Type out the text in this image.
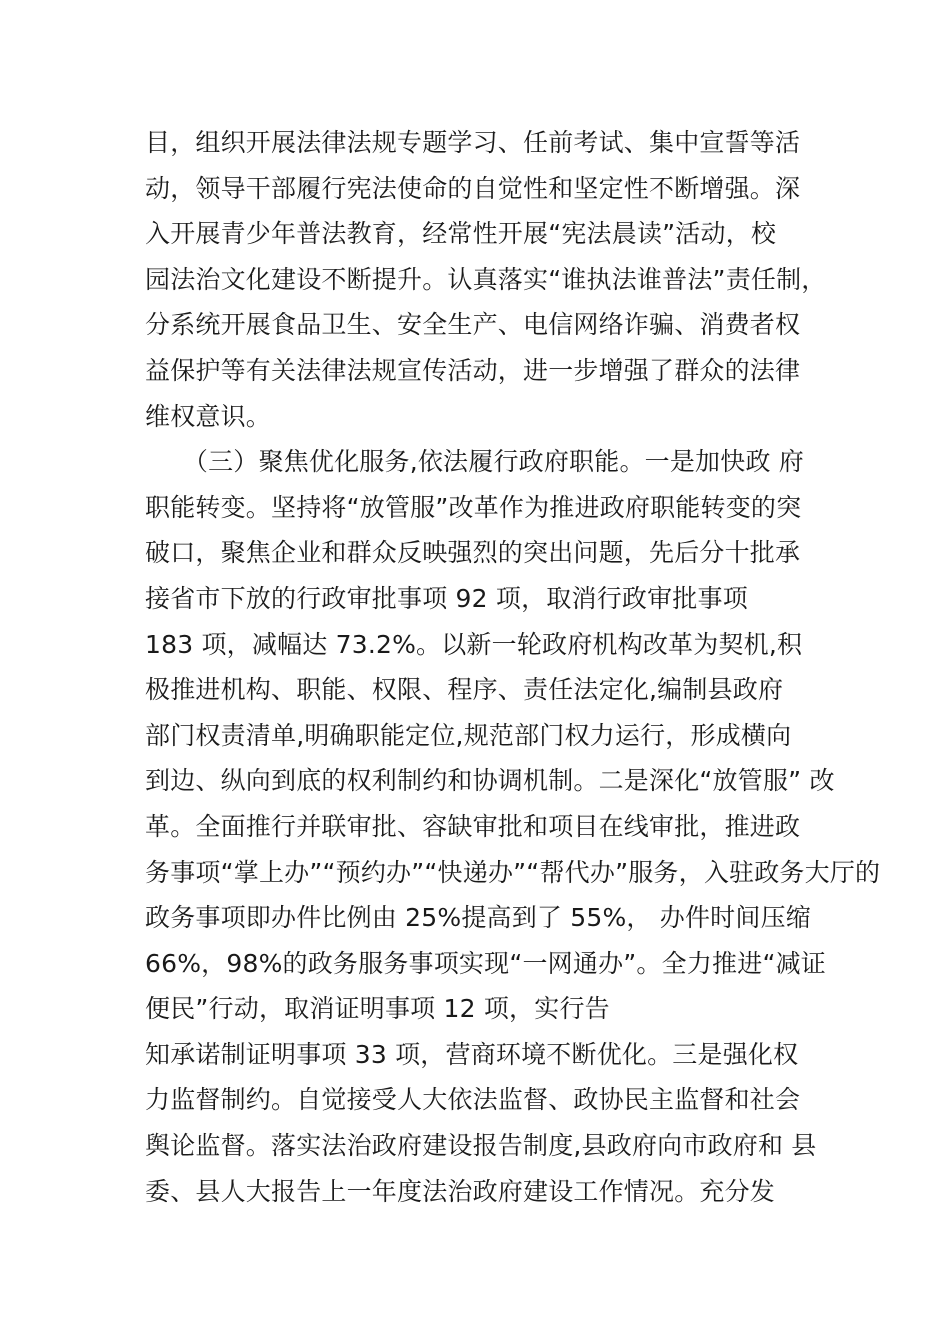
目，组织开展法律法规专题学习、任前考试、集中宣誓等活
动，领导干部履行宪法使命的自觉性和坚定性不断增强。深
入开展青少年普法教育，经常性开展“宪法晨读”活动，校
园法治文化建设不断提升。认真落实“谁执法谁普法”责任制，
分系统开展食品卫生、安全生产、电信网络诈骗、消费者权
益保护等有关法律法规宣传活动，进一步增强了群众的法律
维权意识。
　　（三）聚焦优化服务,依法履行政府职能。一是加快政 府
职能转变。坚持将“放管服”改革作为推进政府职能转变的突
破口，聚焦企业和群众反映强烈的突出问题，先后分十批承
接省市下放的行政审批事项 92 项，取消行政审批事项
183 项，减幅达 73.2%。以新一轮政府机构改革为契机,积
极推进机构、职能、权限、程序、责任法定化,编制县政府
部门权责清单,明确职能定位,规范部门权力运行，形成横向
到边、纵向到底的权利制约和协调机制。二是深化“放管服” 改
革。全面推行并联审批、容缺审批和项目在线审批，推进政
务事项“掌上办”“预约办”“快递办”“帮代办”服务，入驻政务大厅的
政务事项即办件比例由 25%提高到了 55%， 办件时间压缩
66%，98%的政务服务事项实现“一网通办”。全力推进“减证
便民”行动，取消证明事项 12 项，实行告
知承诺制证明事项 33 项，营商环境不断优化。三是强化权
力监督制约。自觉接受人大依法监督、政协民主监督和社会
舆论监督。落实法治政府建设报告制度,县政府向市政府和 县
委、县人大报告上一年度法治政府建设工作情况。充分发
